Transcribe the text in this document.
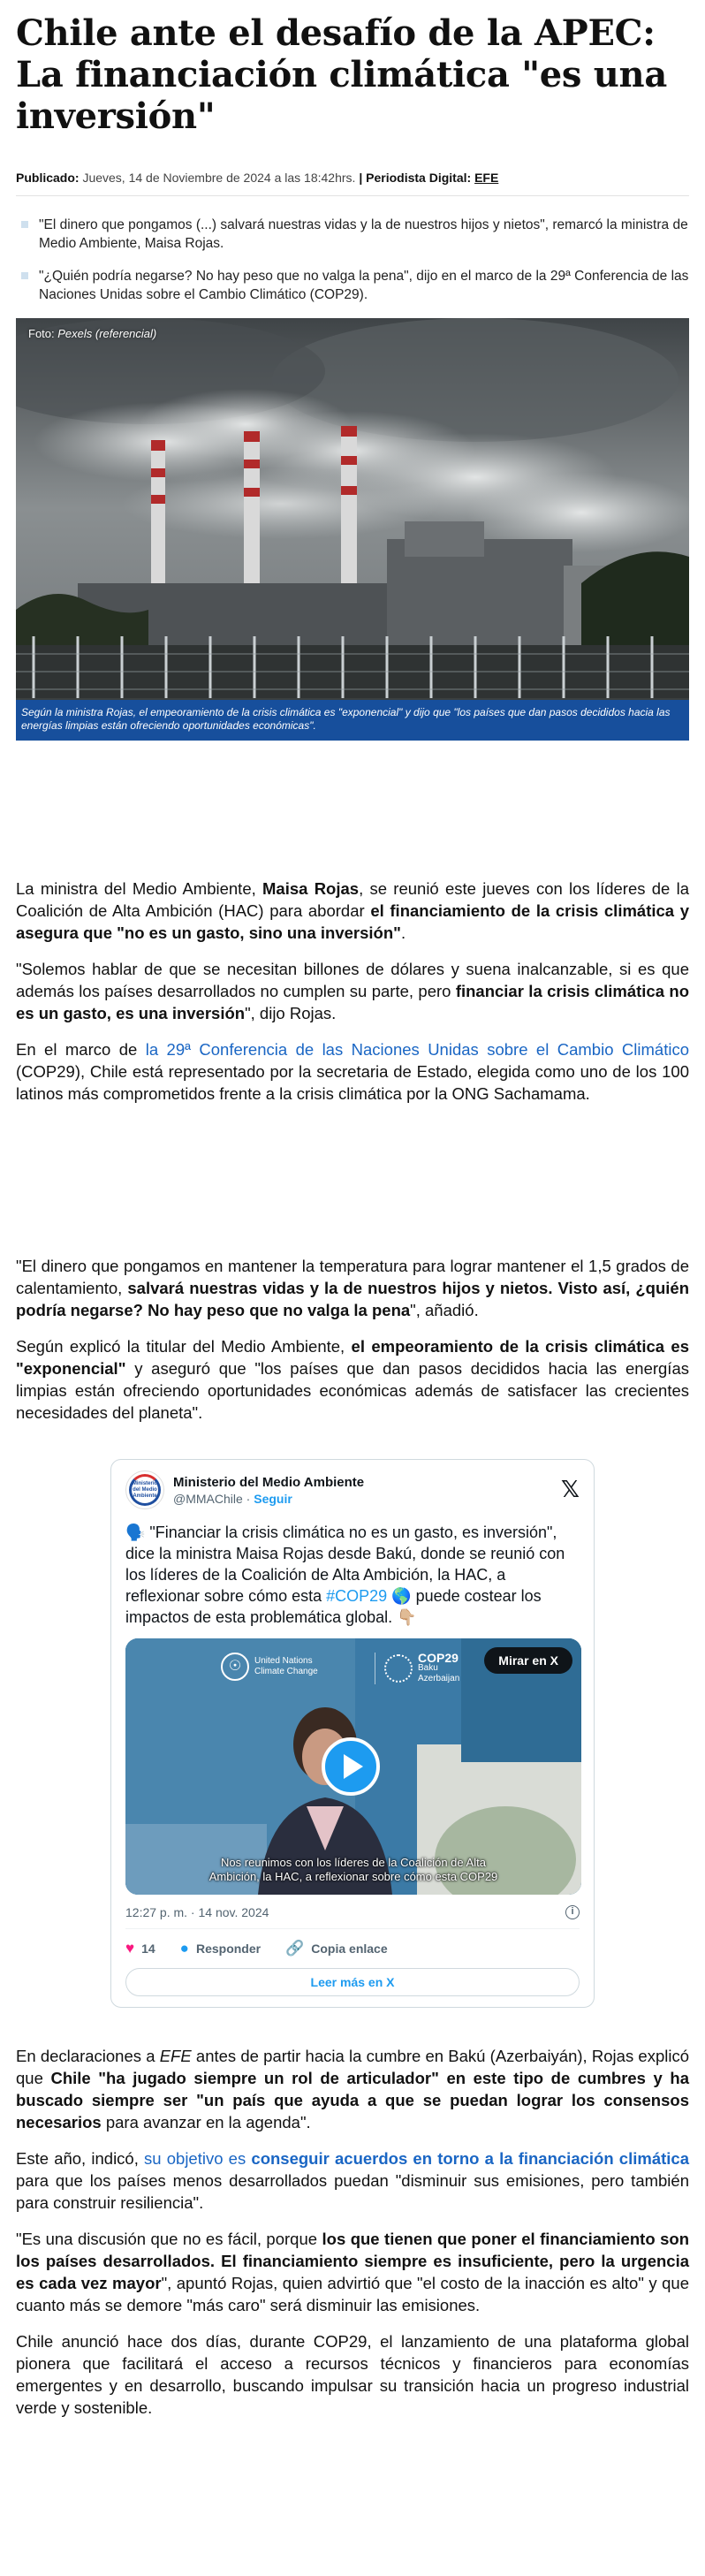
Chile ante el desafío de la APEC: La financiación climática "es una inversión"
Publicado: Jueves, 14 de Noviembre de 2024 a las 18:42hrs. | Periodista Digital: EFE
"El dinero que pongamos (...) salvará nuestras vidas y la de nuestros hijos y nietos", remarcó la ministra de Medio Ambiente, Maisa Rojas.
"¿Quién podría negarse? No hay peso que no valga la pena", dijo en el marco de la 29ª Conferencia de las Naciones Unidas sobre el Cambio Climático (COP29).
Foto: Pexels (referencial)
Según la ministra Rojas, el empeoramiento de la crisis climática es "exponencial" y dijo que "los países que dan pasos decididos hacia las energías limpias están ofreciendo oportunidades económicas".

La ministra del Medio Ambiente, Maisa Rojas, se reunió este jueves con los líderes de la Coalición de Alta Ambición (HAC) para abordar el financiamiento de la crisis climática y asegura que "no es un gasto, sino una inversión".

"Solemos hablar de que se necesitan billones de dólares y suena inalcanzable, si es que además los países desarrollados no cumplen su parte, pero financiar la crisis climática no es un gasto, es una inversión", dijo Rojas.

En el marco de la 29ª Conferencia de las Naciones Unidas sobre el Cambio Climático (COP29), Chile está representado por la secretaria de Estado, elegida como uno de los 100 latinos más comprometidos frente a la crisis climática por la ONG Sachamama.

"El dinero que pongamos en mantener la temperatura para lograr mantener el 1,5 grados de calentamiento, salvará nuestras vidas y la de nuestros hijos y nietos. Visto así, ¿quién podría negarse? No hay peso que no valga la pena", añadió.

Según explicó la titular del Medio Ambiente, el empeoramiento de la crisis climática es "exponencial" y aseguró que "los países que dan pasos decididos hacia las energías limpias están ofreciendo oportunidades económicas además de satisfacer las crecientes necesidades del planeta".

Ministerio del Medio Ambiente
Ministerio del Medio Ambiente
@MMAChile · Seguir	𝕏
🗣️ "Financiar la crisis climática no es un gasto, es inversión", dice la ministra Maisa Rojas desde Bakú, donde se reunió con los líderes de la Coalición de Alta Ambición, la HAC, a reflexionar sobre cómo esta #COP29 🌎 puede costear los impactos de esta problemática global. 👇🏼
☉	United Nations
Climate Change
COP29
Baku
Azerbaijan
Mirar en X
Nos reunimos con los líderes de la Coalición de Alta
Ambición, la HAC, a reflexionar sobre cómo esta COP29
12:27 p. m. · 14 nov. 2024	i
♥ 14 ● Responder 🔗 Copia enlace
Leer más en X

En declaraciones a EFE antes de partir hacia la cumbre en Bakú (Azerbaiyán), Rojas explicó que Chile "ha jugado siempre un rol de articulador" en este tipo de cumbres y ha buscado siempre ser "un país que ayuda a que se puedan lograr los consensos necesarios para avanzar en la agenda".

Este año, indicó, su objetivo es conseguir acuerdos en torno a la financiación climática para que los países menos desarrollados puedan "disminuir sus emisiones, pero también para construir resiliencia".

"Es una discusión que no es fácil, porque los que tienen que poner el financiamiento son los países desarrollados. El financiamiento siempre es insuficiente, pero la urgencia es cada vez mayor", apuntó Rojas, quien advirtió que "el costo de la inacción es alto" y que cuanto más se demore "más caro" será disminuir las emisiones.

Chile anunció hace dos días, durante COP29, el lanzamiento de una plataforma global pionera que facilitará el acceso a recursos técnicos y financieros para economías emergentes y en desarrollo, buscando impulsar su transición hacia un progreso industrial verde y sostenible.
